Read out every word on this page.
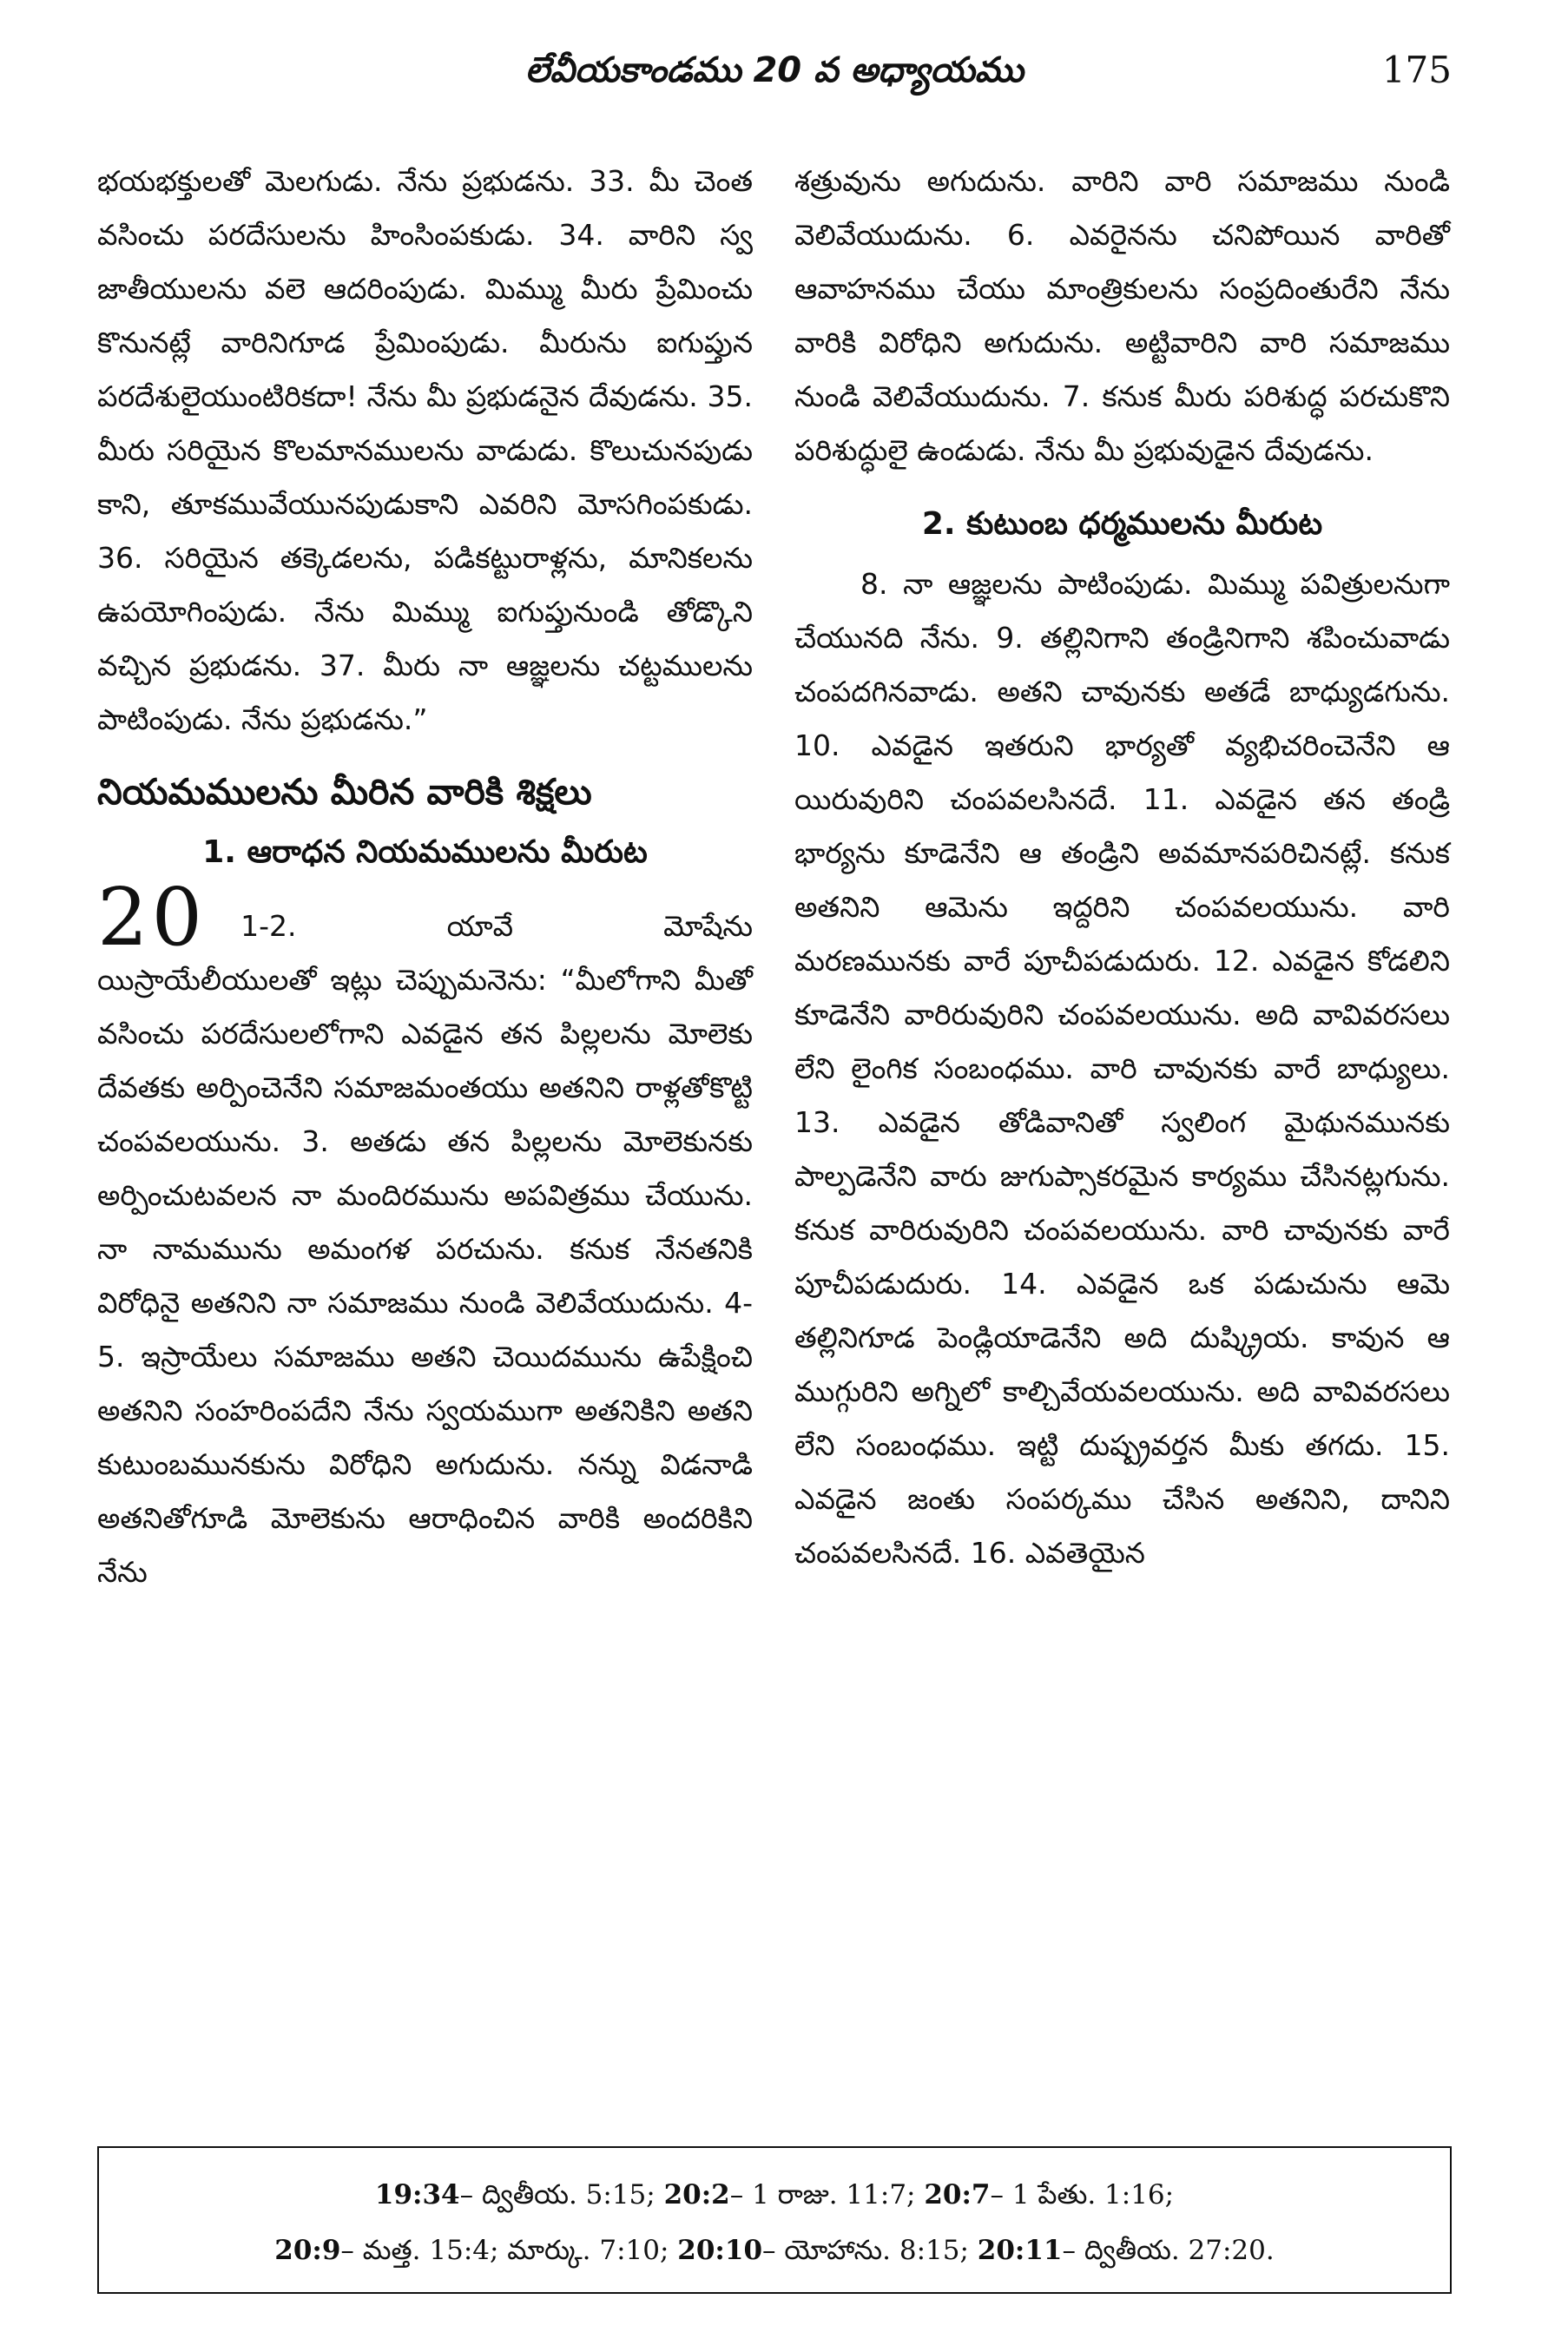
లేవీయకాండము 20 వ అధ్యాయము	175

భయభక్తులతో మెలగుడు. నేను ప్రభుడను. 33. మీ చెంత వసించు పరదేసులను హింసింపకుడు. 34. వారిని స్వ జాతీయులను వలె ఆదరింపుడు. మిమ్ము మీరు ప్రేమించు కొనునట్లే వారినిగూడ ప్రేమింపుడు. మీరును ఐగుప్తున పరదేశులైయుంటిరికదా! నేను మీ ప్రభుడనైన దేవుడను. 35. మీరు సరియైన కొలమానములను వాడుడు. కొలుచునపుడు కాని, తూకమువేయునపుడుకాని ఎవరిని మోసగింపకుడు. 36. సరియైన తక్కెడలను, పడికట్టురాళ్లను, మానికలను ఉపయోగింపుడు. నేను మిమ్ము ఐగుప్తునుండి తోడ్కొని వచ్చిన ప్రభుడను. 37. మీరు నా ఆజ్ఞలను చట్టములను పాటింపుడు. నేను ప్రభుడను.”

నియమములను మీరిన వారికి శిక్షలు
1. ఆరాధన నియమములను మీరుట
20 1-2. యావే వెూషేను

యిస్రాయేలీయులతో ఇట్లు చెప్పుమనెను: “మీలోగాని మీతో వసించు పరదేసులలోగాని ఎవడైన తన పిల్లలను మోలెకు దేవతకు అర్పించెనేని సమాజమంతయు అతనిని రాళ్లతోకొట్టి చంపవలయును. 3. అతడు తన పిల్లలను మోలెకునకు అర్పించుటవలన నా మందిరమును అపవిత్రము చేయును. నా నామమును అమంగళ పరచును. కనుక నేనతనికి విరోధినై అతనిని నా సమాజము నుండి వెలివేయుదును. 4-5. ఇస్రాయేలు సమాజము అతని చెయిదమును ఉపేక్షించి అతనిని సంహరింపదేని నేను స్వయముగా అతనికిని అతని కుటుంబమునకును విరోధిని అగుదును. నన్ను విడనాడి అతనితోగూడి మోలెకును ఆరాధించిన వారికి అందరికిని నేను

శత్రువును అగుదును. వారిని వారి సమాజము నుండి వెలివేయుదును. 6. ఎవరైనను చనిపోయిన వారితో ఆవాహనము చేయు మాంత్రికులను సంప్రదింతురేని నేను వారికి విరోధిని అగుదును. అట్టివారిని వారి సమాజము నుండి వెలివేయుదును. 7. కనుక మీరు పరిశుద్ధ పరచుకొని పరిశుద్ధులై ఉండుడు. నేను మీ ప్రభువుడైన దేవుడను.

2. కుటుంబ ధర్మములను మీరుట

8. నా ఆజ్ఞలను పాటింపుడు. మిమ్ము పవిత్రులనుగా చేయునది నేను. 9. తల్లినిగాని తండ్రినిగాని శపించువాడు చంపదగినవాడు. అతని చావునకు అతడే బాధ్యుడగును. 10. ఎవడైన ఇతరుని భార్యతో వ్యభిచరించెనేని ఆ యిరువురిని చంపవలసినదే. 11. ఎవడైన తన తండ్రి భార్యను కూడెనేని ఆ తండ్రిని అవమానపరిచినట్లే. కనుక అతనిని ఆమెను ఇద్దరిని చంపవలయును. వారి మరణమునకు వారే పూచీపడుదురు. 12. ఎవడైన కోడలిని కూడెనేని వారిరువురిని చంపవలయును. అది వావివరసలు లేని లైంగిక సంబంధము. వారి చావునకు వారే బాధ్యులు. 13. ఎవడైన తోడివానితో స్వలింగ మైథునమునకు పాల్పడెనేని వారు జుగుప్సాకరమైన కార్యము చేసినట్లగును. కనుక వారిరువురిని చంపవలయును. వారి చావునకు వారే పూచీపడుదురు. 14. ఎవడైన ఒక పడుచును ఆమె తల్లినిగూడ పెండ్లియాడెనేని అది దుష్క్రియ. కావున ఆ ముగ్గురిని అగ్నిలో కాల్చివేయవలయును. అది వావివరసలు లేని సంబంధము. ఇట్టి దుష్ప్రవర్తన మీకు తగదు. 15. ఎవడైన జంతు సంపర్కము చేసిన అతనిని, దానిని చంపవలసినదే. 16. ఎవతెయైన

19:34– ద్వితీయ. 5:15; 20:2– 1 రాజు. 11:7; 20:7– 1 పేతు. 1:16;
20:9– మత్త. 15:4; మార్కు. 7:10; 20:10– యోహాను. 8:15; 20:11– ద్వితీయ. 27:20.
